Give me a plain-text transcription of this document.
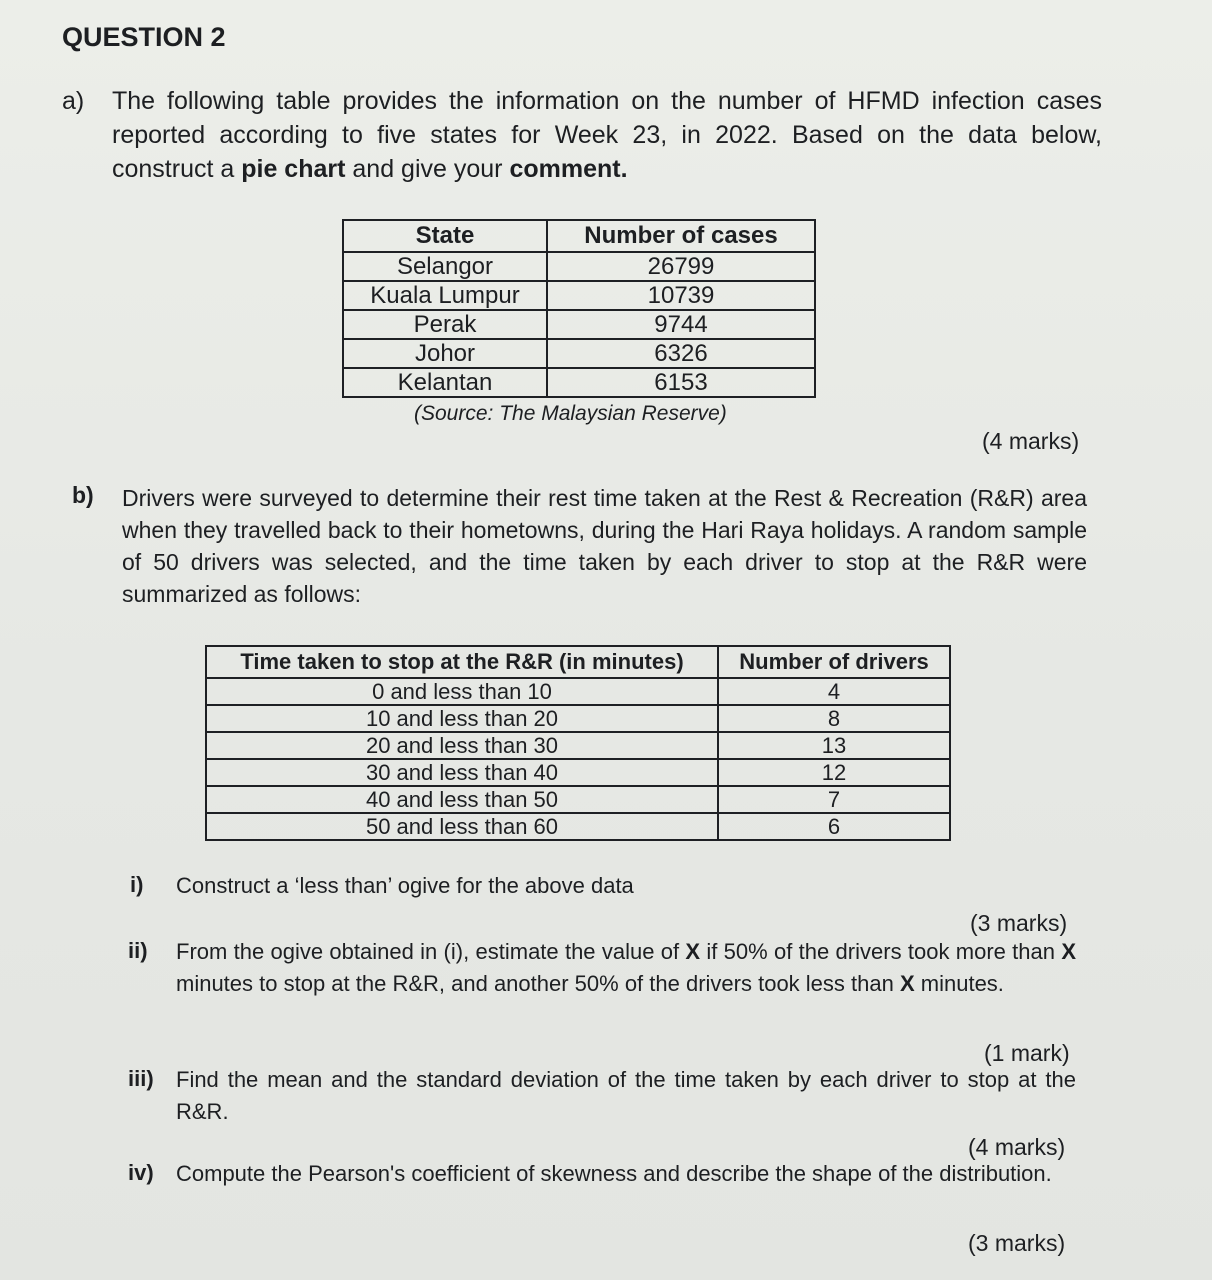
QUESTION 2
a) The following table provides the information on the number of HFMD infection cases reported according to five states for Week 23, in 2022. Based on the data below, construct a pie chart and give your comment.
State	Number of cases
Selangor	26799
Kuala Lumpur	10739
Perak	9744
Johor	6326
Kelantan	6153
(Source: The Malaysian Reserve)
(4 marks)
b) Drivers were surveyed to determine their rest time taken at the Rest & Recreation (R&R) area when they travelled back to their hometowns, during the Hari Raya holidays. A random sample of 50 drivers was selected, and the time taken by each driver to stop at the R&R were summarized as follows:
Time taken to stop at the R&R (in minutes)	Number of drivers
0 and less than 10	4
10 and less than 20	8
20 and less than 30	13
30 and less than 40	12
40 and less than 50	7
50 and less than 60	6
i) Construct a ‘less than’ ogive for the above data
(3 marks)
ii) From the ogive obtained in (i), estimate the value of X if 50% of the drivers took more than X minutes to stop at the R&R, and another 50% of the drivers took less than X minutes.
(1 mark)
iii) Find the mean and the standard deviation of the time taken by each driver to stop at the R&R.
(4 marks)
iv) Compute the Pearson's coefficient of skewness and describe the shape of the distribution.
(3 marks)
